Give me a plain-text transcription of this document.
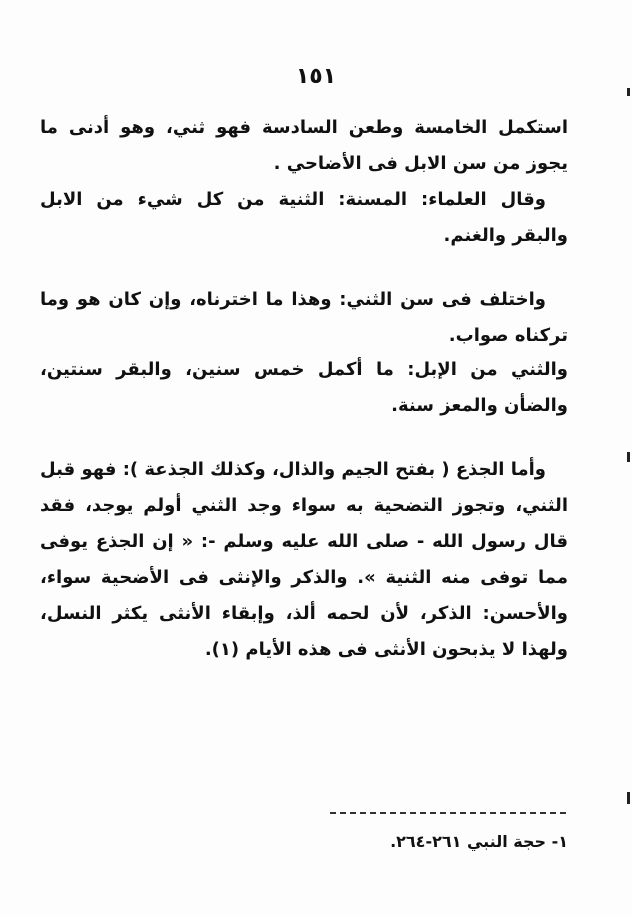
١٥١

استكمل الخامسة وطعن السادسة فهو ثني، وهو أدنى ما يجوز من سن الابل فى الأضاحي .

وقال العلماء: المسنة: الثنية من كل شيء من الابل والبقر والغنم.

واختلف فى سن الثني: وهذا ما اخترناه، وإن كان هو وما تركناه صواب.

والثني من الإبل: ما أكمل خمس سنين، والبقر سنتين، والضأن والمعز سنة.

وأما الجذع ( بفتح الجيم والذال، وكذلك الجذعة ): فهو قبل الثني، وتجوز التضحية به سواء وجد الثني أولم يوجد، فقد قال رسول الله - صلى الله عليه وسلم -: « إن الجذع يوفى مما توفى منه الثنية ». والذكر والإنثى فى الأضحية سواء، والأحسن: الذكر، لأن لحمه ألذ، وإبقاء الأنثى يكثر النسل، ولهذا لا يذبحون الأنثى فى هذه الأيام (١).

١- حجة النبي ٢٦١-٢٦٤.
